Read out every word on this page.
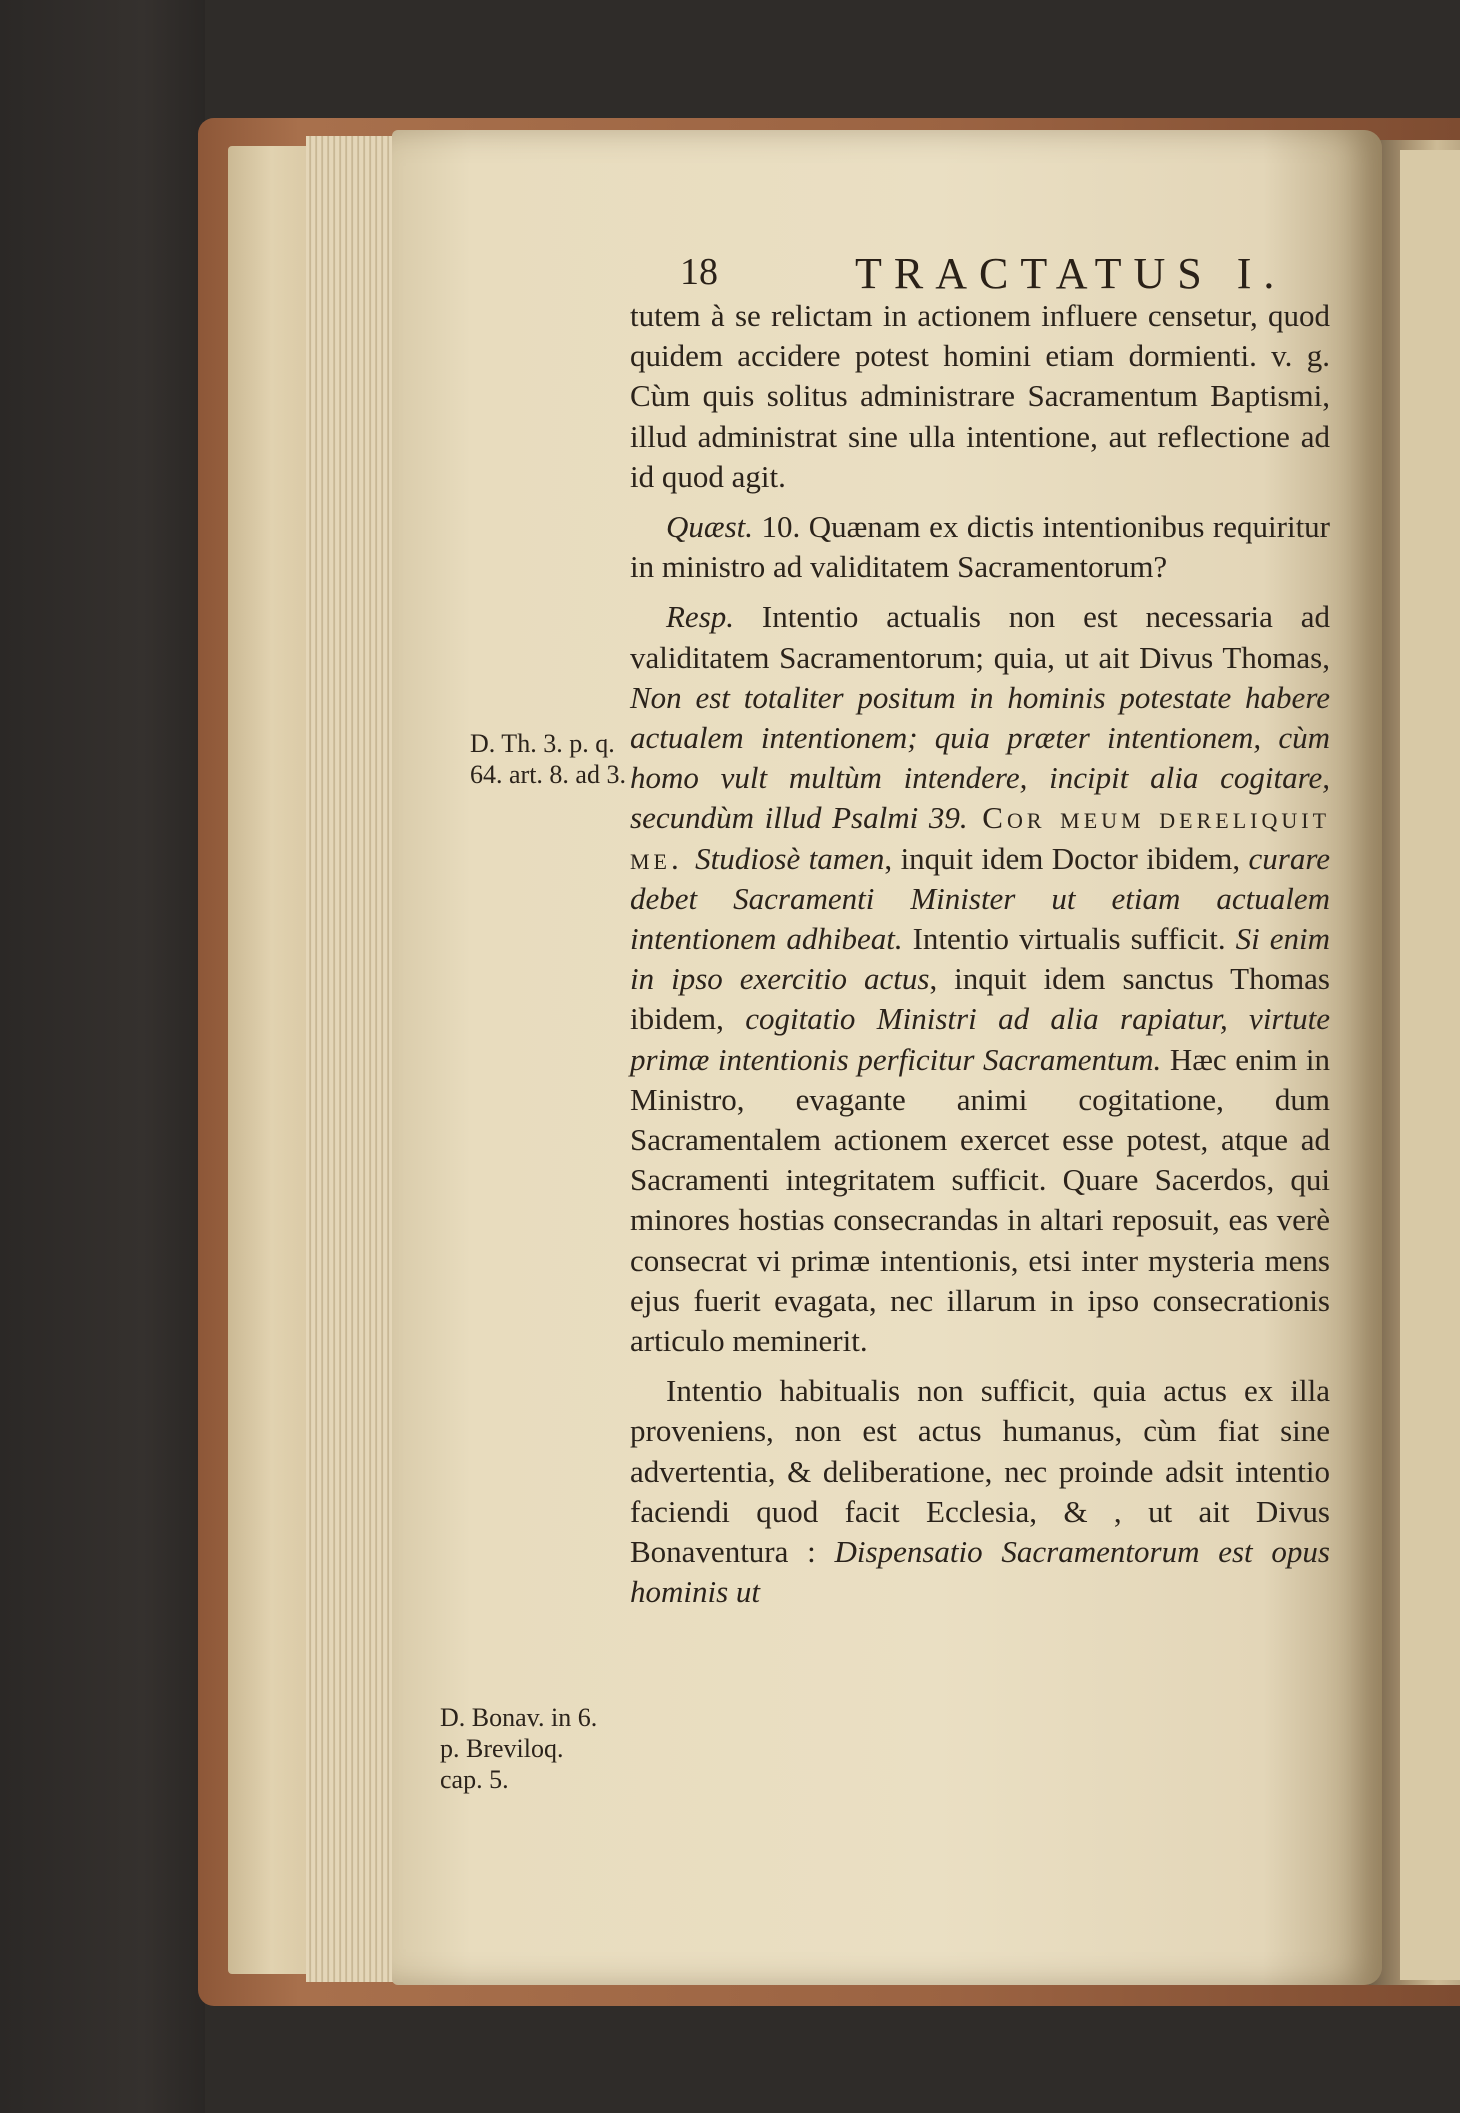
18	TRACTATUS I.

tutem à se relictam in actionem influere censetur, quod quidem accidere potest homini etiam dormienti. v. g. Cùm quis solitus administrare Sacramentum Baptismi, illud administrat sine ulla intentione, aut reflectione ad id quod agit.

Quæst. 10. Quænam ex dictis intentionibus requiritur in ministro ad validitatem Sacramentorum?

Resp. Intentio actualis non est necessaria ad validitatem Sacramentorum; quia, ut ait Divus Thomas, Non est totaliter positum in hominis potestate habere actualem intentionem; quia præter intentionem, cùm homo vult multùm intendere, incipit alia cogitare, secundùm illud Psalmi 39. Cor meum dereliquit me. Studiosè tamen, inquit idem Doctor ibidem, curare debet Sacramenti Minister ut etiam actualem intentionem adhibeat. Intentio virtualis sufficit. Si enim in ipso exercitio actus, inquit idem sanctus Thomas ibidem, cogitatio Ministri ad alia rapiatur, virtute primæ intentionis perficitur Sacramentum. Hæc enim in Ministro, evagante animi cogitatione, dum Sacramentalem actionem exercet esse potest, atque ad Sacramenti integritatem sufficit. Quare Sacerdos, qui minores hostias consecrandas in altari reposuit, eas verè consecrat vi primæ intentionis, etsi inter mysteria mens ejus fuerit evagata, nec illarum in ipso consecrationis articulo meminerit.

Intentio habitualis non sufficit, quia actus ex illa proveniens, non est actus humanus, cùm fiat sine advertentia, & deliberatione, nec proinde adsit intentio faciendi quod facit Ecclesia, & , ut ait Divus Bonaventura : Dispensatio Sacramentorum est opus hominis ut

D. Th. 3. p. q. 64. art. 8. ad 3.
D. Bonav. in 6. p. Breviloq. cap. 5.
